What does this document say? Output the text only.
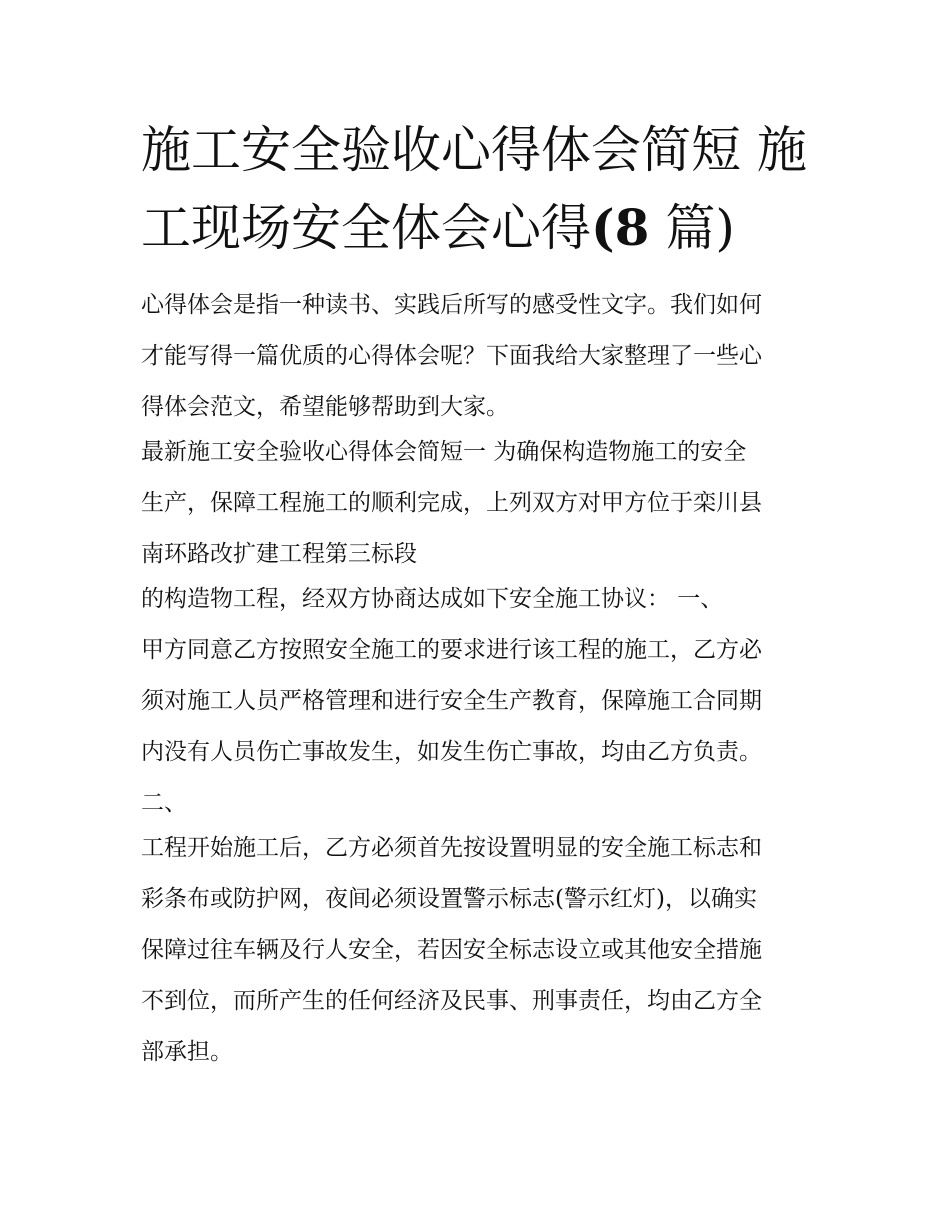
施工安全验收心得体会简短 施
工现场安全体会心得(8 篇)
心得体会是指一种读书、实践后所写的感受性文字。我们如何
才能写得一篇优质的心得体会呢？下面我给大家整理了一些心
得体会范文，希望能够帮助到大家。
最新施工安全验收心得体会简短一 为确保构造物施工的安全
生产，保障工程施工的顺利完成，上列双方对甲方位于栾川县
南环路改扩建工程第三标段
的构造物工程，经双方协商达成如下安全施工协议： 一、
甲方同意乙方按照安全施工的要求进行该工程的施工，乙方必
须对施工人员严格管理和进行安全生产教育，保障施工合同期
内没有人员伤亡事故发生，如发生伤亡事故，均由乙方负责。
二、
工程开始施工后，乙方必须首先按设置明显的安全施工标志和
彩条布或防护网，夜间必须设置警示标志(警示红灯)，以确实
保障过往车辆及行人安全，若因安全标志设立或其他安全措施
不到位，而所产生的任何经济及民事、刑事责任，均由乙方全
部承担。
